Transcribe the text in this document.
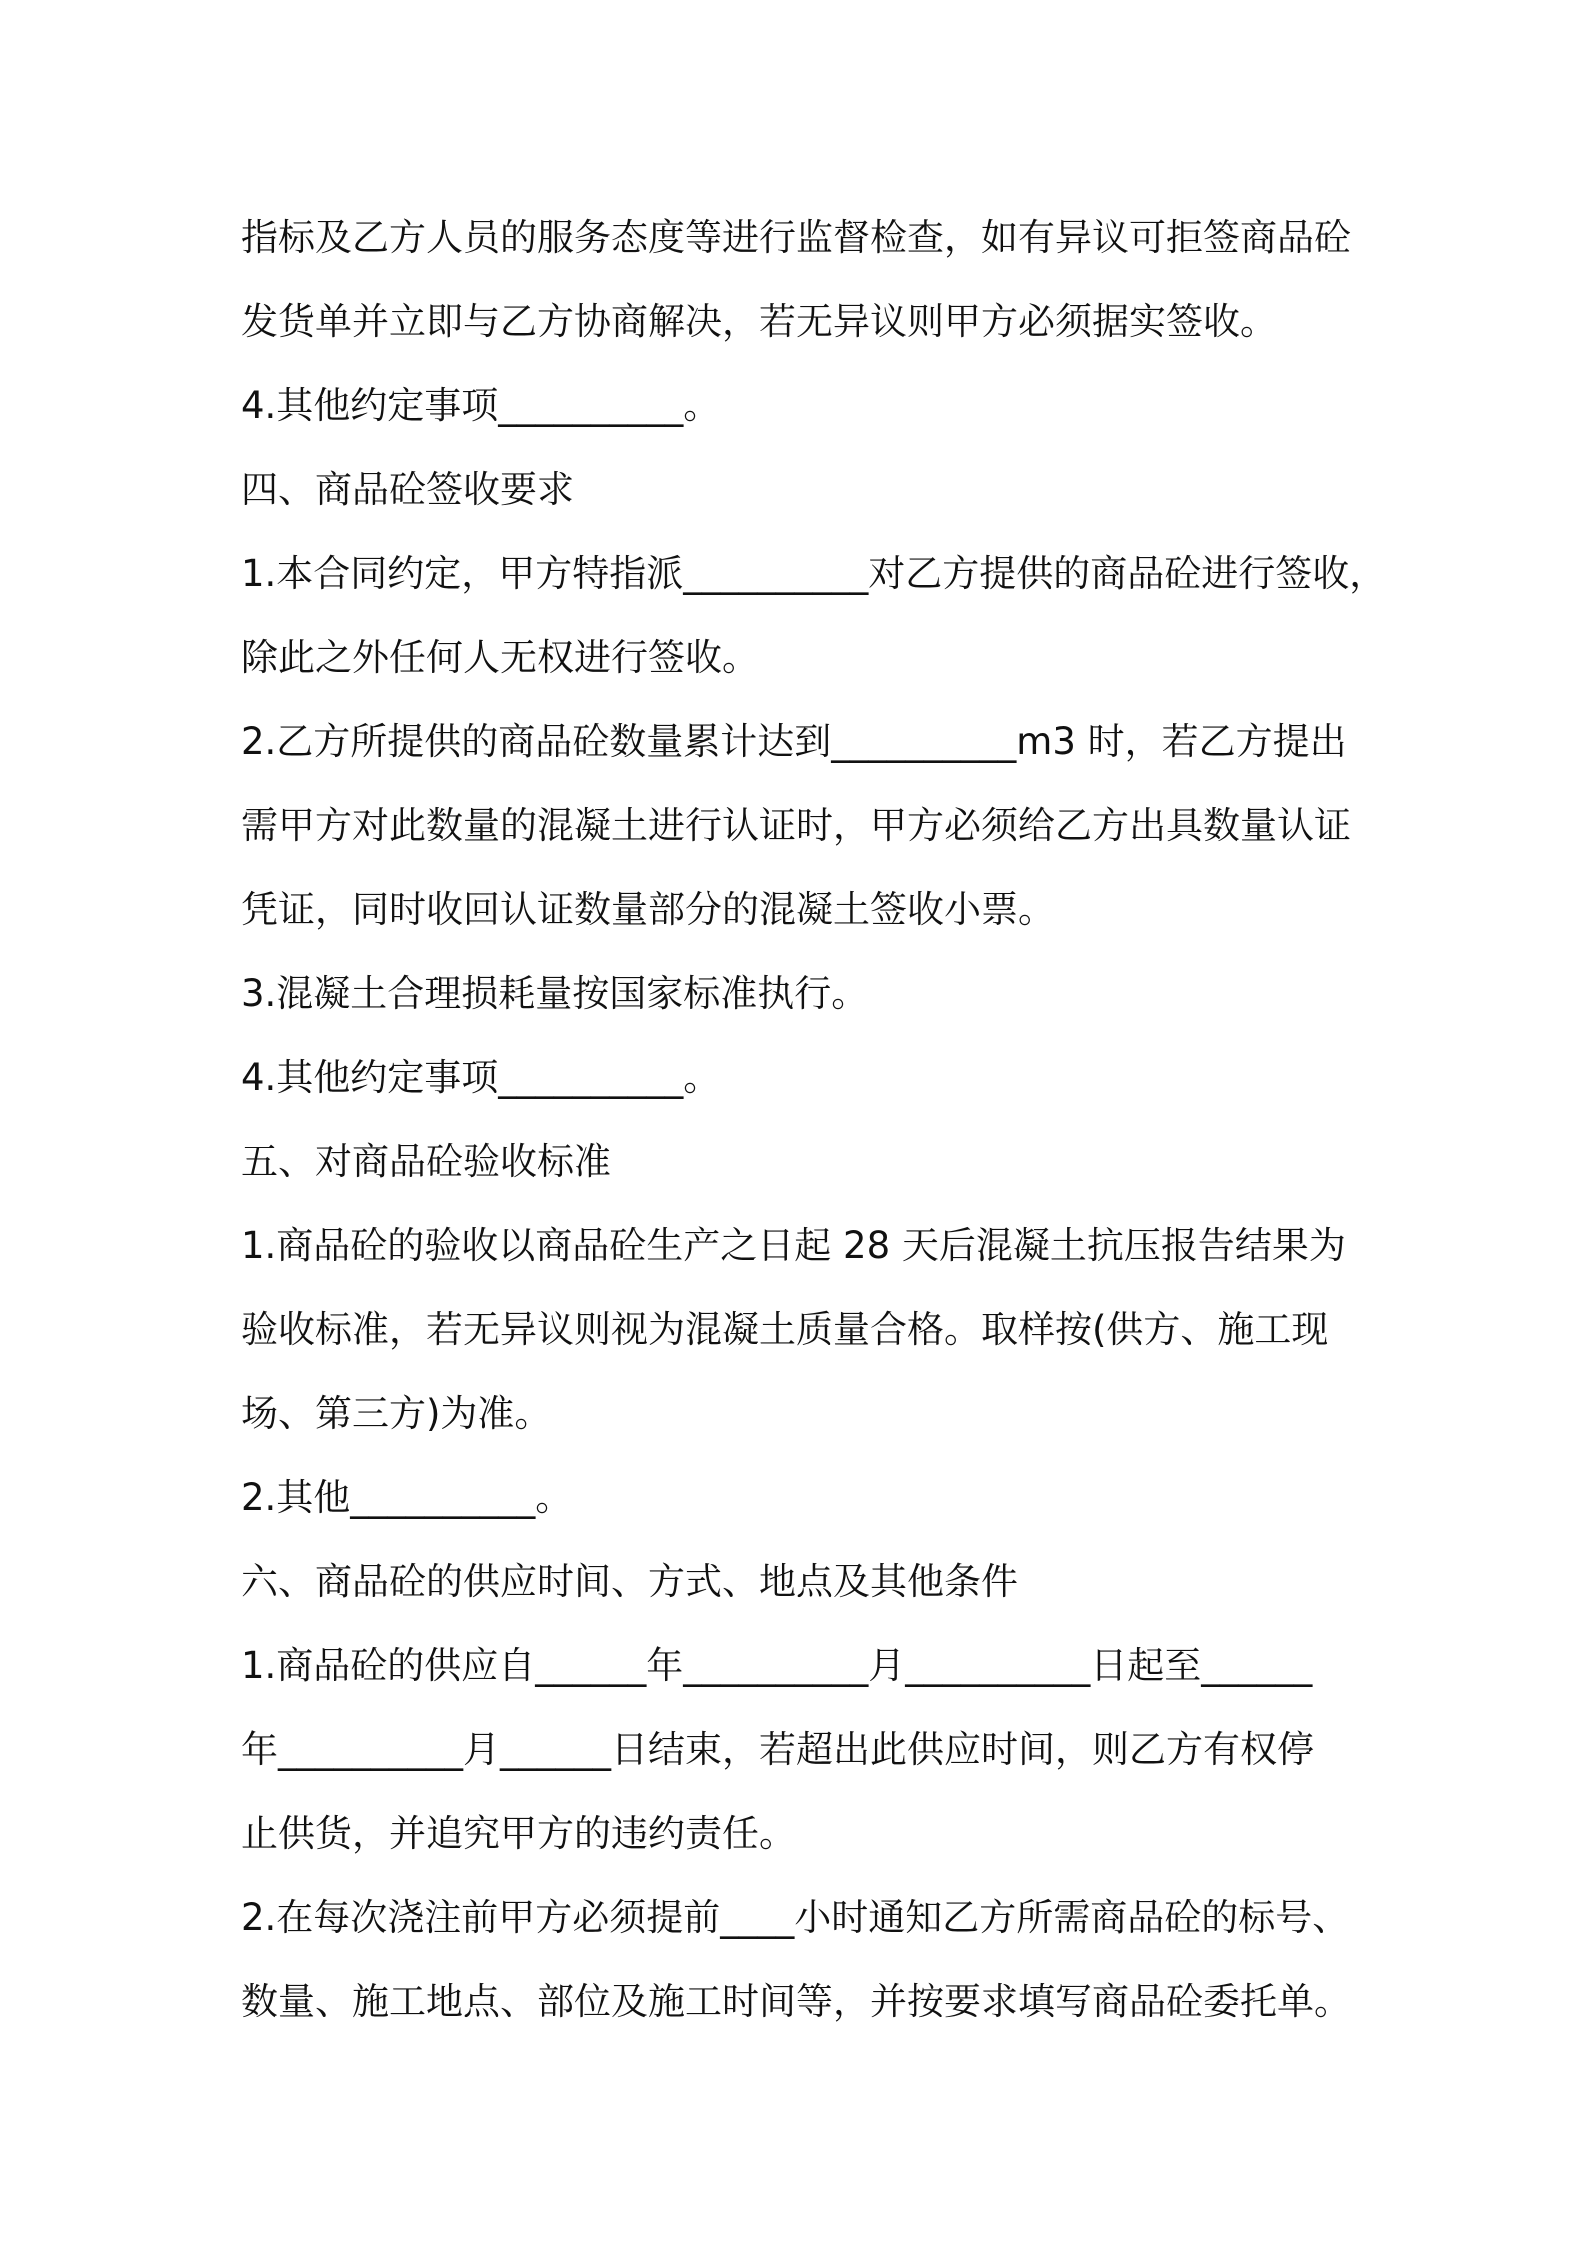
指标及乙方人员的服务态度等进行监督检查，如有异议可拒签商品砼
发货单并立即与乙方协商解决，若无异议则甲方必须据实签收。
4.其他约定事项__________。
四、商品砼签收要求
1.本合同约定，甲方特指派__________对乙方提供的商品砼进行签收，
除此之外任何人无权进行签收。
2.乙方所提供的商品砼数量累计达到__________m3 时，若乙方提出
需甲方对此数量的混凝土进行认证时，甲方必须给乙方出具数量认证
凭证，同时收回认证数量部分的混凝土签收小票。
3.混凝土合理损耗量按国家标准执行。
4.其他约定事项__________。
五、对商品砼验收标准
1.商品砼的验收以商品砼生产之日起 28 天后混凝土抗压报告结果为
验收标准，若无异议则视为混凝土质量合格。取样按(供方、施工现
场、第三方)为准。
2.其他__________。
六、商品砼的供应时间、方式、地点及其他条件
1.商品砼的供应自______年__________月__________日起至______
年__________月______日结束，若超出此供应时间，则乙方有权停
止供货，并追究甲方的违约责任。
2.在每次浇注前甲方必须提前____小时通知乙方所需商品砼的标号、
数量、施工地点、部位及施工时间等，并按要求填写商品砼委托单。
